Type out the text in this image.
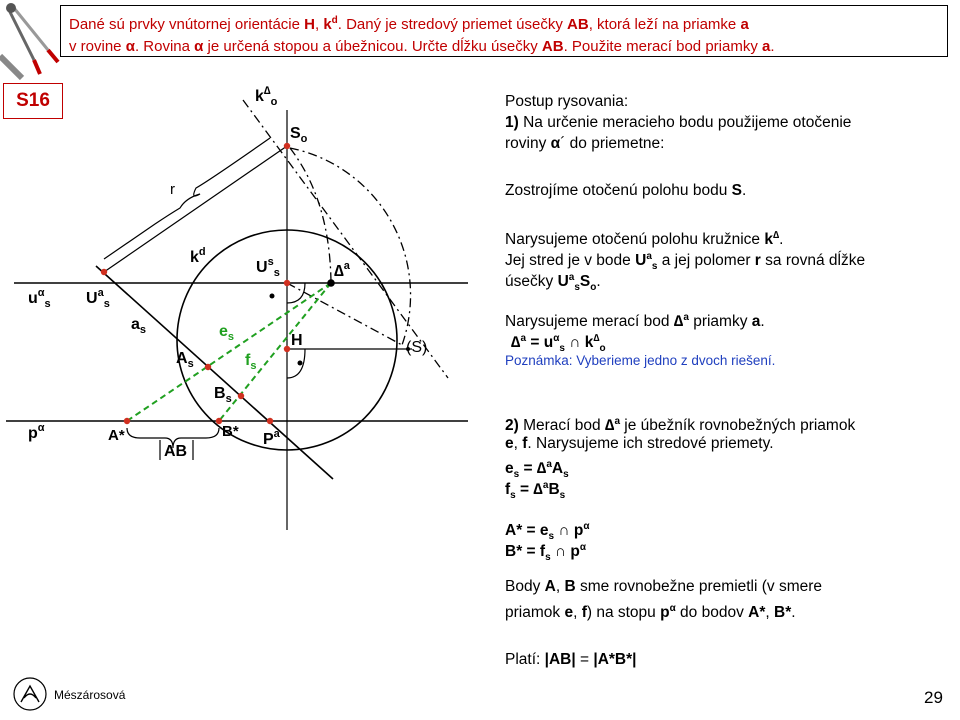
Dané sú prvky vnútornej orientácie H, $k^d$. Daný je stredový priemet úsečky AB, ktorá leží na priamke a
v rovine α. Rovina α je určená stopou a úbežnicou. Určte dĺžku úsečky AB. Použite merací bod priamky a.
S16	$k^\Delta_o$
$S_o$
r
$k^d$
$U^s_s$	∆$^a$
$u^\alpha_s$ $U^a_s$
$a_s$	$e_s$	H	(S)
$A_s$	$f_s$
$B_s$
$p^\alpha$	A*	B* $P^a$
AB
Postup rysovania:
1) Na určenie meracieho bodu použijeme otočenie
roviny α´ do priemetne:
Zostrojíme otočenú polohu bodu S.
Narysujeme otočenú polohu kružnice k∆.
Jej stred je v bode $U^a_s$ a jej polomer r sa rovná dĺžke
úsečky $U^a_sS_o$.
Narysujeme merací bod ∆$^a$ priamky a.
$\Delta^a = u^\alpha_s$ ∩ $k^\Delta_o$
Poznámka: Vyberieme jedno z dvoch riešení.
2) Merací bod ∆$^a$ je úbežník rovnobežných priamok
e, f. Narysujeme ich stredové priemety.
$e_s = \Delta^aA_s$
$f_s = \Delta^aB_s$
$A* = e_s$ ∩ $p^\alpha$
$B* = f_s$ ∩ $p^\alpha$
Body A, B sme rovnobežne premietli (v smere
priamok e, f) na stopu $p^\alpha$ do bodov A*, B*.
Platí: |AB| = |A*B*|
Mészárosová	29
